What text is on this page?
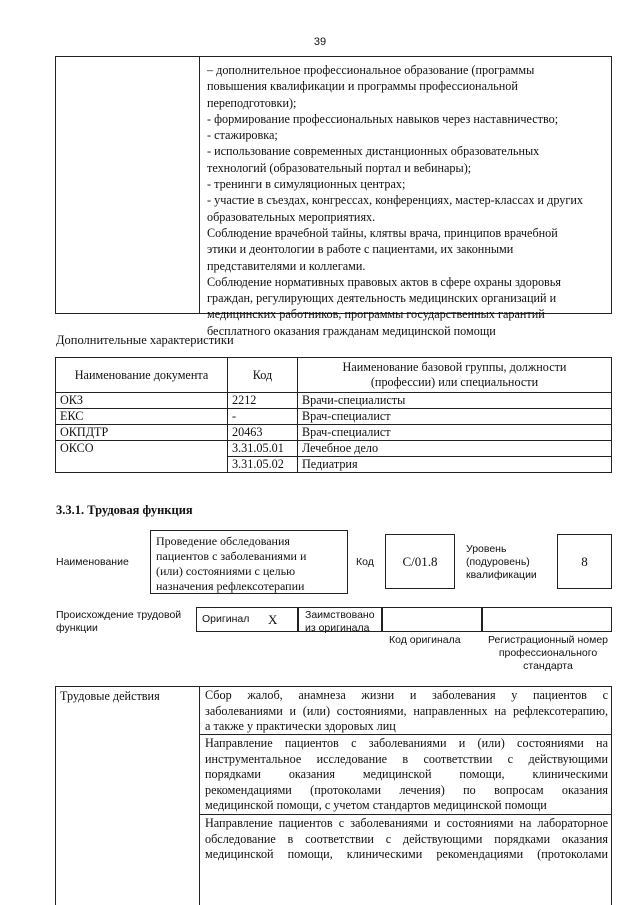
39
– дополнительное профессиональное образование (программы
повышения квалификации и программы профессиональной
переподготовки);
- формирование профессиональных навыков через наставничество;
- стажировка;
- использование современных дистанционных образовательных
технологий (образовательный портал и вебинары);
- тренинги в симуляционных центрах;
- участие в съездах, конгрессах, конференциях, мастер-классах и других
образовательных мероприятиях.
Соблюдение врачебной тайны, клятвы врача, принципов врачебной
этики и деонтологии в работе с пациентами, их законными
представителями и коллегами.
Соблюдение нормативных правовых актов в сфере охраны здоровья
граждан, регулирующих деятельность медицинских организаций и
медицинских работников, программы государственных гарантий
бесплатного оказания гражданам медицинской помощи
Дополнительные характеристики
Наименование документа	Код	Наименование базовой группы, должности
(профессии) или специальности

ОКЗ	2212	Врачи-специалисты
ЕКС	-	Врач-специалист
ОКПДТР	20463	Врач-специалист
ОКСО	3.31.05.01	Лечебное дело
	3.31.05.02	Педиатрия
3.3.1. Трудовая функция
Наименование
Проведение обследования
пациентов с заболеваниями и
(или) состояниями с целью
назначения рефлексотерапии
Код C/01.8
Уровень
(подуровень)
квалификации
8
Происхождение трудовой
функции
Оригинал	X	Заимствовано
из оригинала
Код оригинала	Регистрационный номер
профессионального
стандарта
Трудовые действия	Сбор жалоб, анамнеза жизни и заболевания у пациентов с
заболеваниями и (или) состояниями, направленных на рефлексотерапию,
а также у практически здоровых лиц
Направление пациентов с заболеваниями и (или) состояниями на
инструментальное исследование в соответствии с действующими
порядками оказания медицинской помощи, клиническими
рекомендациями (протоколами лечения) по вопросам оказания
медицинской помощи, с учетом стандартов медицинской помощи
Направление пациентов с заболеваниями и состояниями на лабораторное
обследование в соответствии с действующими порядками оказания
медицинской помощи, клиническими рекомендациями (протоколами
